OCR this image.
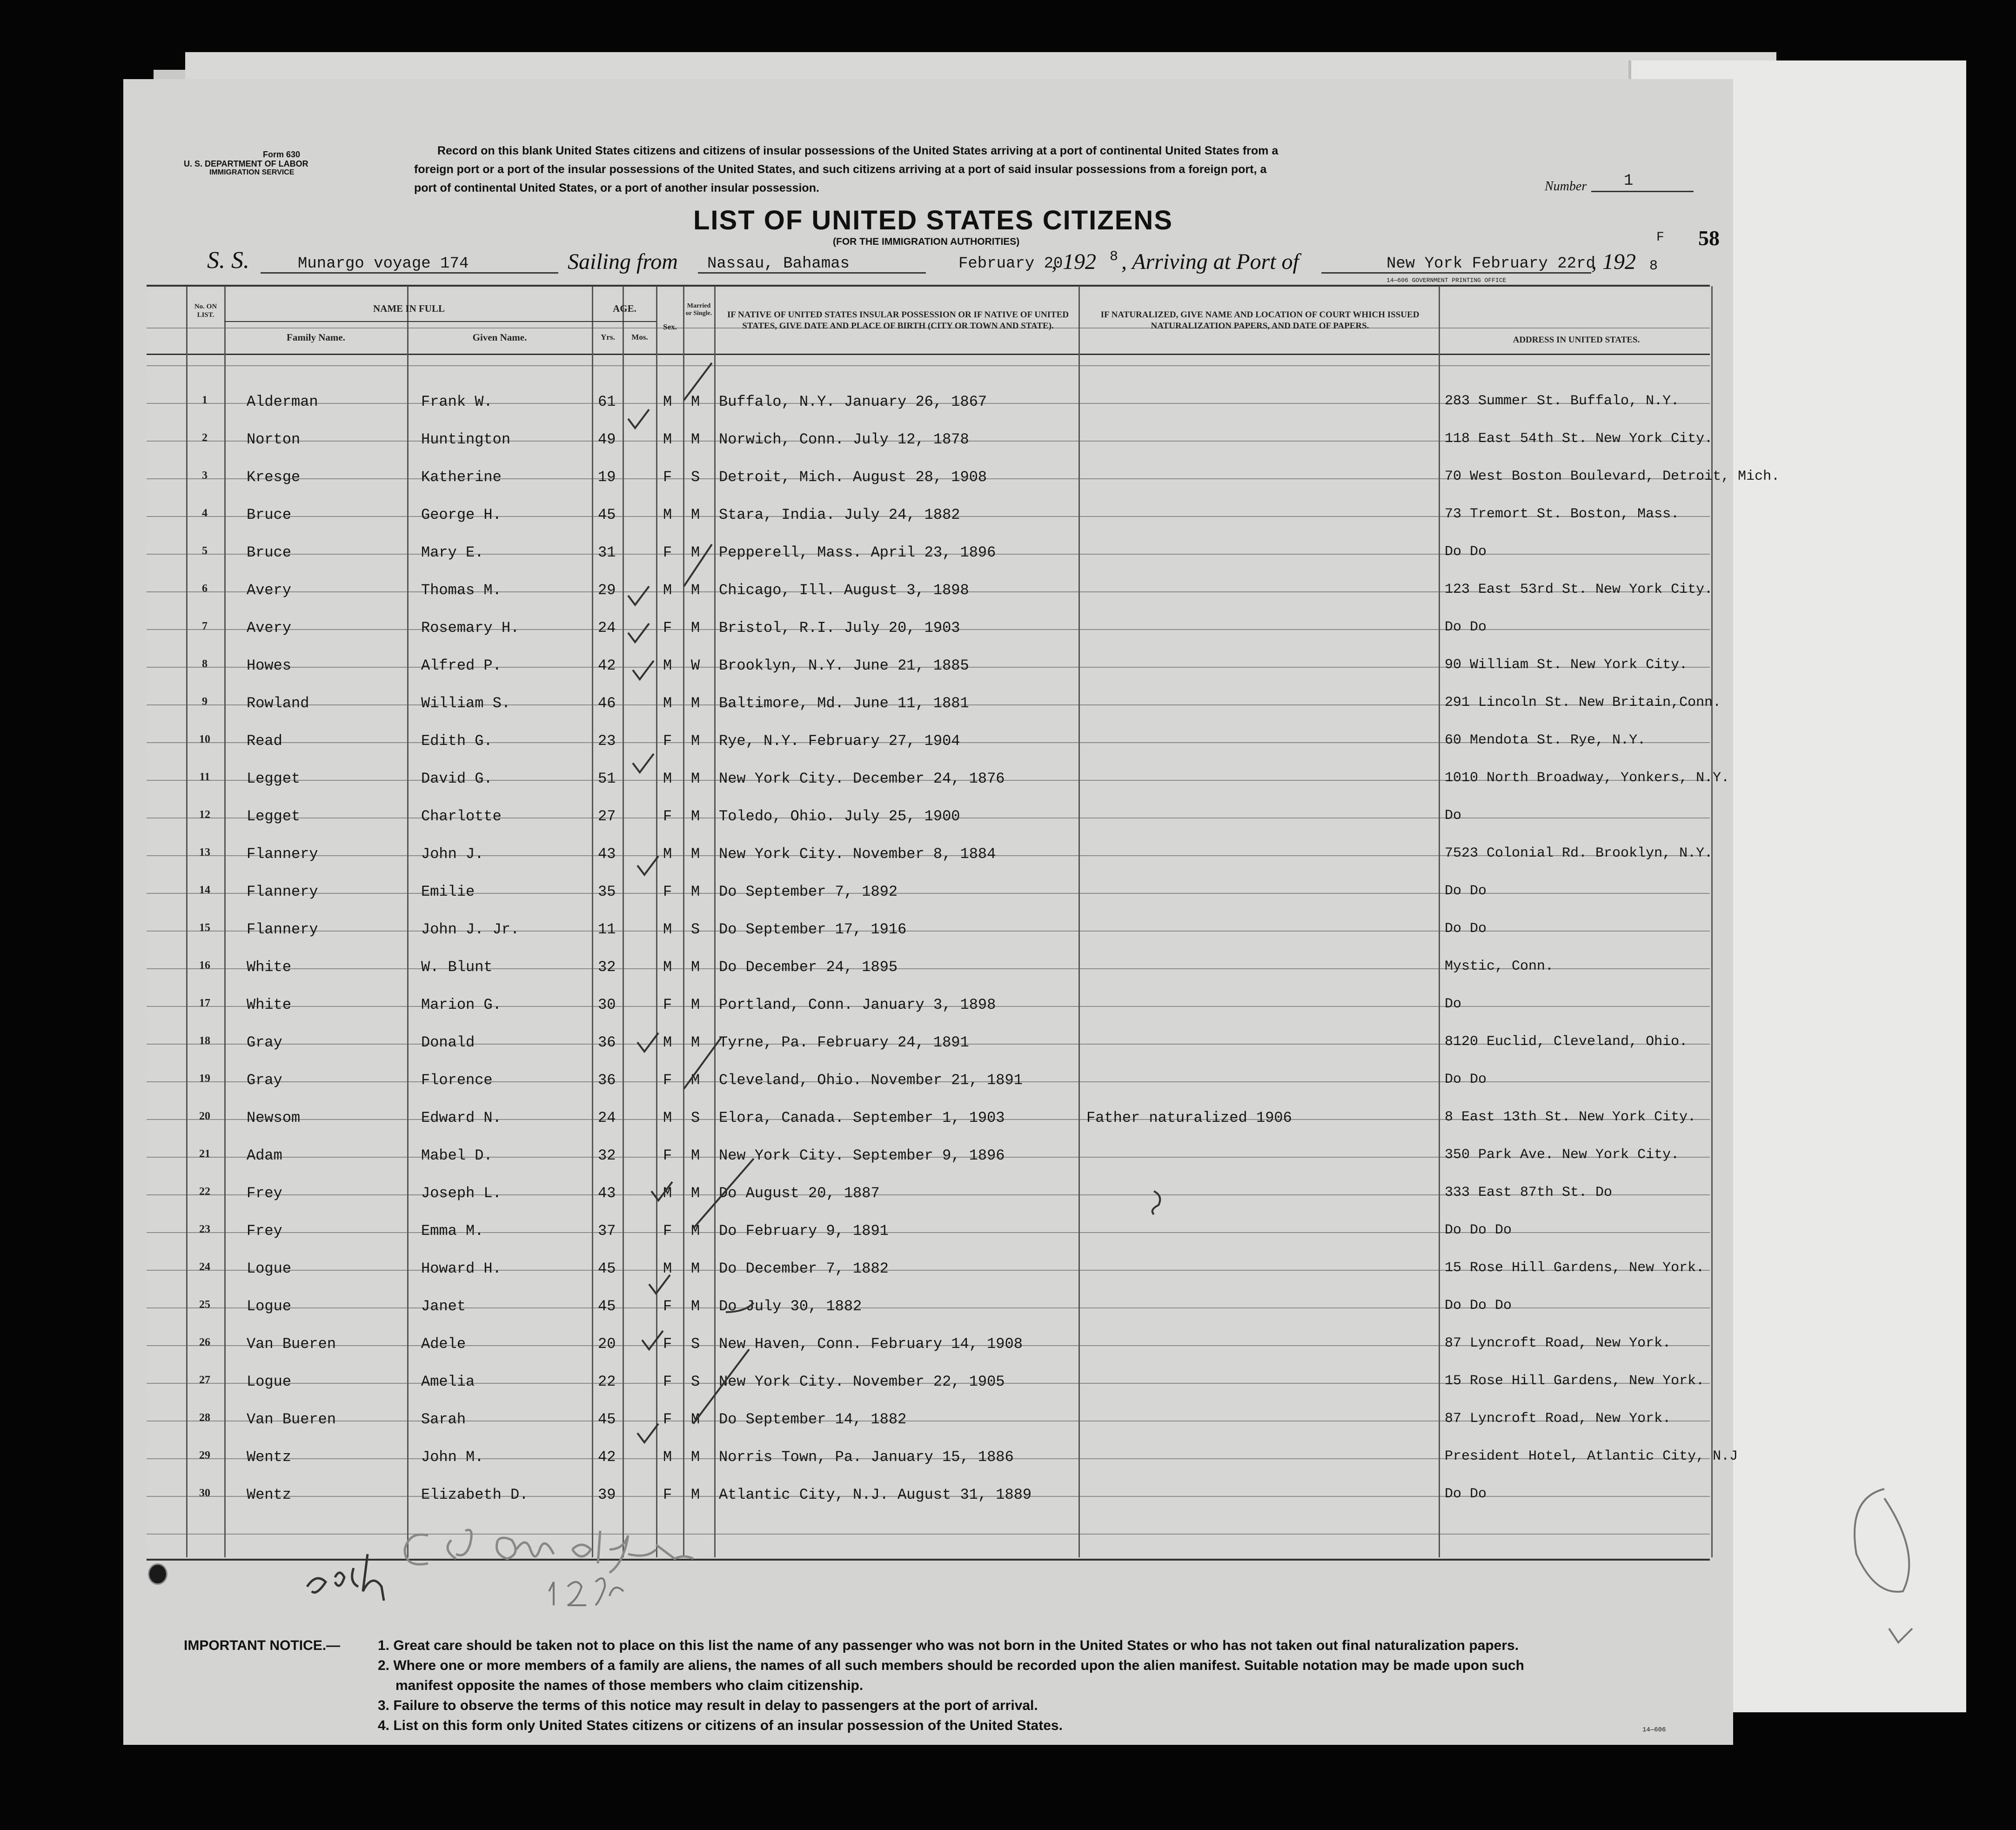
Form 630
U. S. DEPARTMENT OF LABOR
IMMIGRATION SERVICE
Record on this blank United States citizens and citizens of insular possessions of the United States arriving at a port of continental United States from a
foreign port or a port of the insular possessions of the United States, and such citizens arriving at a port of said insular possessions from a foreign port, a
port of continental United States, or a port of another insular possession.	Number 1
LIST OF UNITED STATES CITIZENS
(FOR THE IMMIGRATION AUTHORITIES)	F 58
S. S.	Munargo voyage 174	Sailing from Nassau, Bahamas	February 20
, 192 8 , Arriving at Port of
14—606 GOVERNMENT PRINTING OFFICE
New York February 22rd
, 192 8
No. ON LIST.
NAME IN FULL
Family Name.	Given Name.
AGE.
Yrs.	Mos.
Sex.
Married or Single.	IF NATIVE OF UNITED STATES INSULAR POSSESSION OR IF NATIVE OF UNITED STATES, GIVE DATE AND PLACE OF BIRTH (CITY OR TOWN AND STATE).
IF NATURALIZED, GIVE NAME AND LOCATION OF COURT WHICH ISSUED NATURALIZATION PAPERS, AND DATE OF PAPERS.
ADDRESS IN UNITED STATES.
1	Alderman	Frank W.	61	M M Buffalo, N.Y. January 26, 1867	283 Summer St. Buffalo, N.Y.
2	Norton	Huntington	49	M M Norwich, Conn. July 12, 1878	118 East 54th St. New York City.
3	Kresge	Katherine	19	F S Detroit, Mich. August 28, 1908	70 West Boston Boulevard, Detroit, Mich.
4	Bruce	George H.	45	M M Stara, India. July 24, 1882	73 Tremort St. Boston, Mass.
5	Bruce	Mary E.	31	F M Pepperell, Mass. April 23, 1896	Do Do
6	Avery	Thomas M.	29	M M Chicago, Ill. August 3, 1898	123 East 53rd St. New York City.
7	Avery	Rosemary H.	24	F M Bristol, R.I. July 20, 1903	Do Do
8	Howes	Alfred P.	42	M W Brooklyn, N.Y. June 21, 1885	90 William St. New York City.
9	Rowland	William S.	46	M M Baltimore, Md. June 11, 1881	291 Lincoln St. New Britain,Conn.
10	Read	Edith G.	23	F M Rye, N.Y. February 27, 1904	60 Mendota St. Rye, N.Y.
11	Legget	David G.	51	M M New York City. December 24, 1876	1010 North Broadway, Yonkers, N.Y.
12	Legget	Charlotte	27	F M Toledo, Ohio. July 25, 1900	Do
13	Flannery	John J.	43	M M New York City. November 8, 1884	7523 Colonial Rd. Brooklyn, N.Y.
14	Flannery	Emilie	35	F M Do September 7, 1892	Do Do
15	Flannery	John J. Jr.	11	M S Do September 17, 1916	Do Do
16	White	W. Blunt	32	M M Do December 24, 1895	Mystic, Conn.
17	White	Marion G.	30	F M Portland, Conn. January 3, 1898	Do
18	Gray	Donald	36	M M Tyrne, Pa. February 24, 1891	8120 Euclid, Cleveland, Ohio.
19	Gray	Florence	36	F M Cleveland, Ohio. November 21, 1891	Do Do
20	Newsom	Edward N.	24	M S Elora, Canada. September 1, 1903	Father naturalized 1906	8 East 13th St. New York City.
21	Adam	Mabel D.	32	F M New York City. September 9, 1896	350 Park Ave. New York City.
22	Frey	Joseph L.	43	M M Do August 20, 1887	333 East 87th St. Do
23	Frey	Emma M.	37	F M Do February 9, 1891	Do Do Do
24	Logue	Howard H.	45	M M Do December 7, 1882	15 Rose Hill Gardens, New York.
25	Logue	Janet	45	F M Do July 30, 1882	Do Do Do
26	Van Bueren	Adele	20	F S New Haven, Conn. February 14, 1908	87 Lyncroft Road, New York.
27	Logue	Amelia	22	F S New York City. November 22, 1905	15 Rose Hill Gardens, New York.
28	Van Bueren	Sarah	45	F M Do September 14, 1882	87 Lyncroft Road, New York.
29	Wentz	John M.	42	M M Norris Town, Pa. January 15, 1886	President Hotel, Atlantic City, N.J
30	Wentz	Elizabeth D.	39	F M Atlantic City, N.J. August 31, 1889	Do Do
IMPORTANT NOTICE.—	1. Great care should be taken not to place on this list the name of any passenger who was not born in the United States or who has not taken out final naturalization papers.
2. Where one or more members of a family are aliens, the names of all such members should be recorded upon the alien manifest. Suitable notation may be made upon such
manifest opposite the names of those members who claim citizenship.
3. Failure to observe the terms of this notice may result in delay to passengers at the port of arrival.
4. List on this form only United States citizens or citizens of an insular possession of the United States.	14—606
